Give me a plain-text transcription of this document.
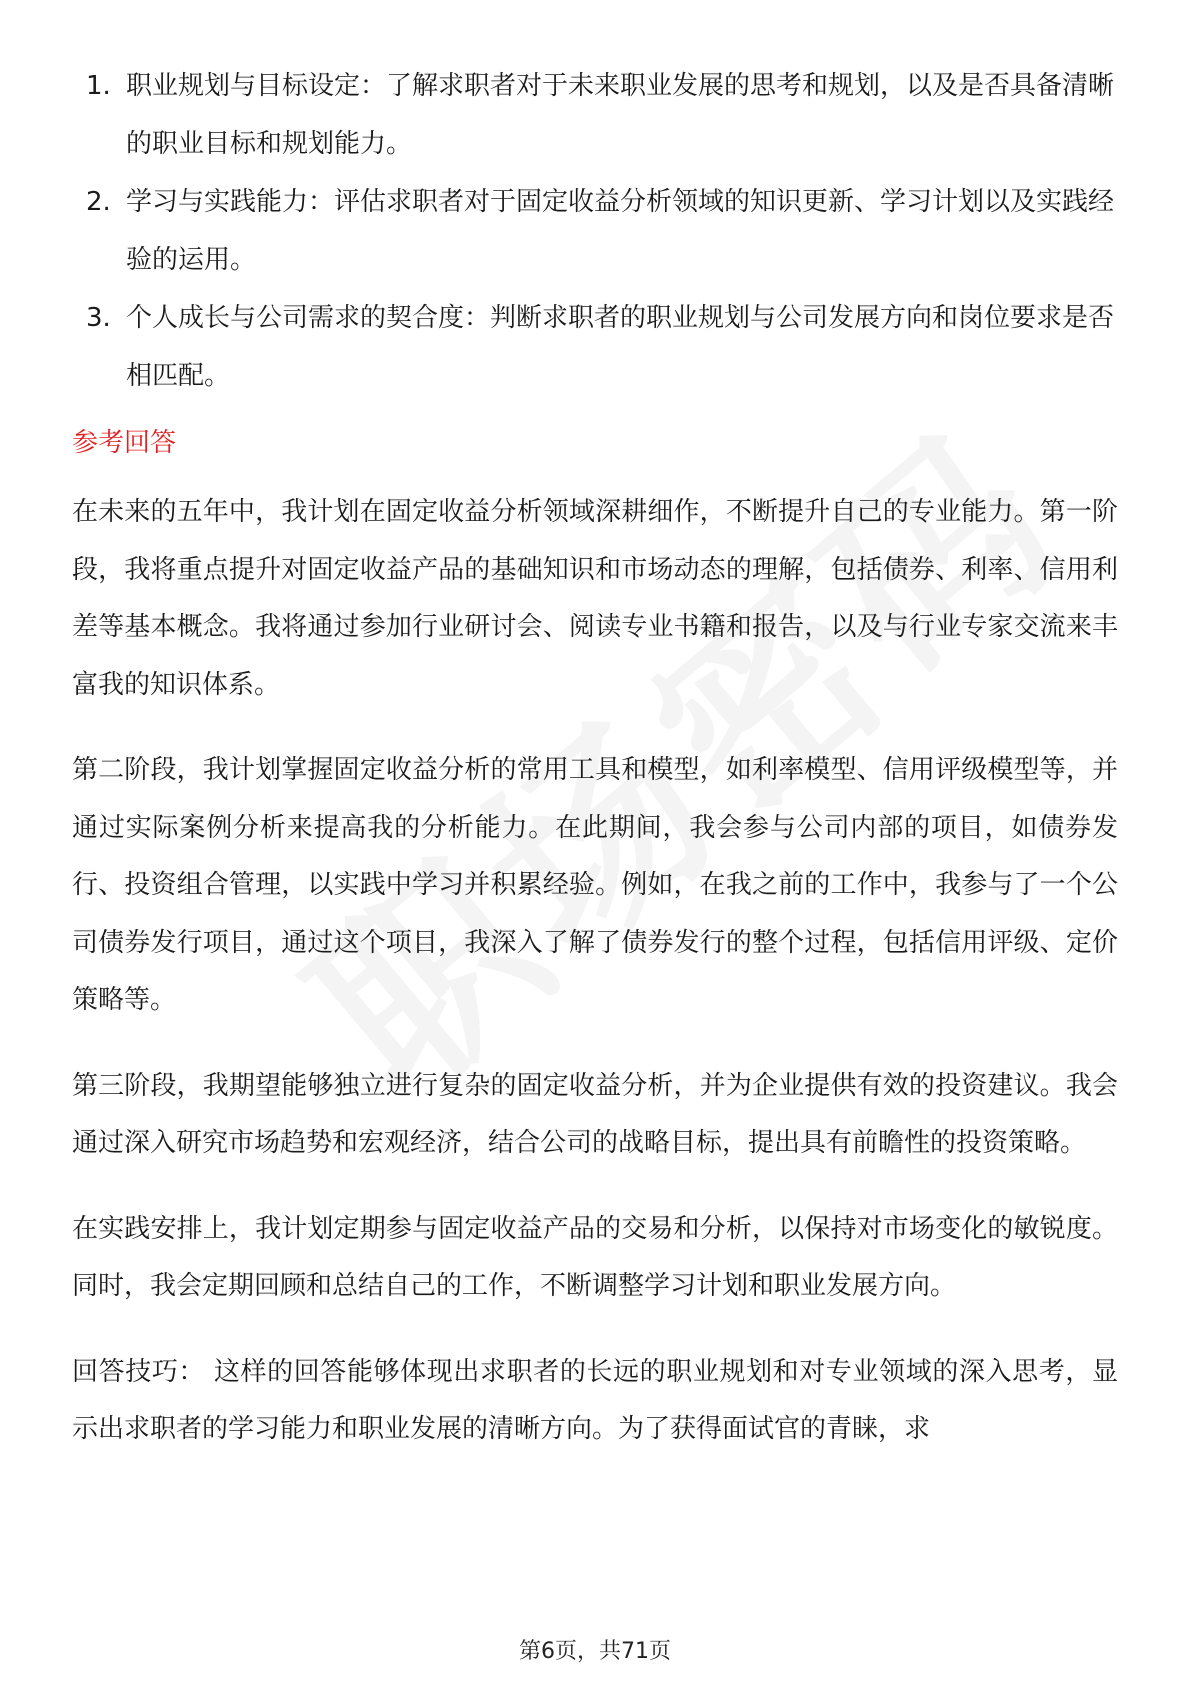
1. 职业规划与目标设定：了解求职者对于未来职业发展的思考和规划，以及是否具备清晰的职业目标和规划能力。
2. 学习与实践能力：评估求职者对于固定收益分析领域的知识更新、学习计划以及实践经验的运用。
3. 个人成长与公司需求的契合度：判断求职者的职业规划与公司发展方向和岗位要求是否相匹配。
参考回答

在未来的五年中，我计划在固定收益分析领域深耕细作，不断提升自己的专业能力。第一阶段，我将重点提升对固定收益产品的基础知识和市场动态的理解，包括债券、利率、信用利差等基本概念。我将通过参加行业研讨会、阅读专业书籍和报告，以及与行业专家交流来丰富我的知识体系。

第二阶段，我计划掌握固定收益分析的常用工具和模型，如利率模型、信用评级模型等，并通过实际案例分析来提高我的分析能力。在此期间，我会参与公司内部的项目，如债券发行、投资组合管理，以实践中学习并积累经验。例如，在我之前的工作中，我参与了一个公司债券发行项目，通过这个项目，我深入了解了债券发行的整个过程，包括信用评级、定价策略等。

第三阶段，我期望能够独立进行复杂的固定收益分析，并为企业提供有效的投资建议。我会通过深入研究市场趋势和宏观经济，结合公司的战略目标，提出具有前瞻性的投资策略。

在实践安排上，我计划定期参与固定收益产品的交易和分析，以保持对市场变化的敏锐度。同时，我会定期回顾和总结自己的工作，不断调整学习计划和职业发展方向。

回答技巧： 这样的回答能够体现出求职者的长远的职业规划和对专业领域的深入思考，显示出求职者的学习能力和职业发展的清晰方向。为了获得面试官的青睐，求

第6页，共71页
